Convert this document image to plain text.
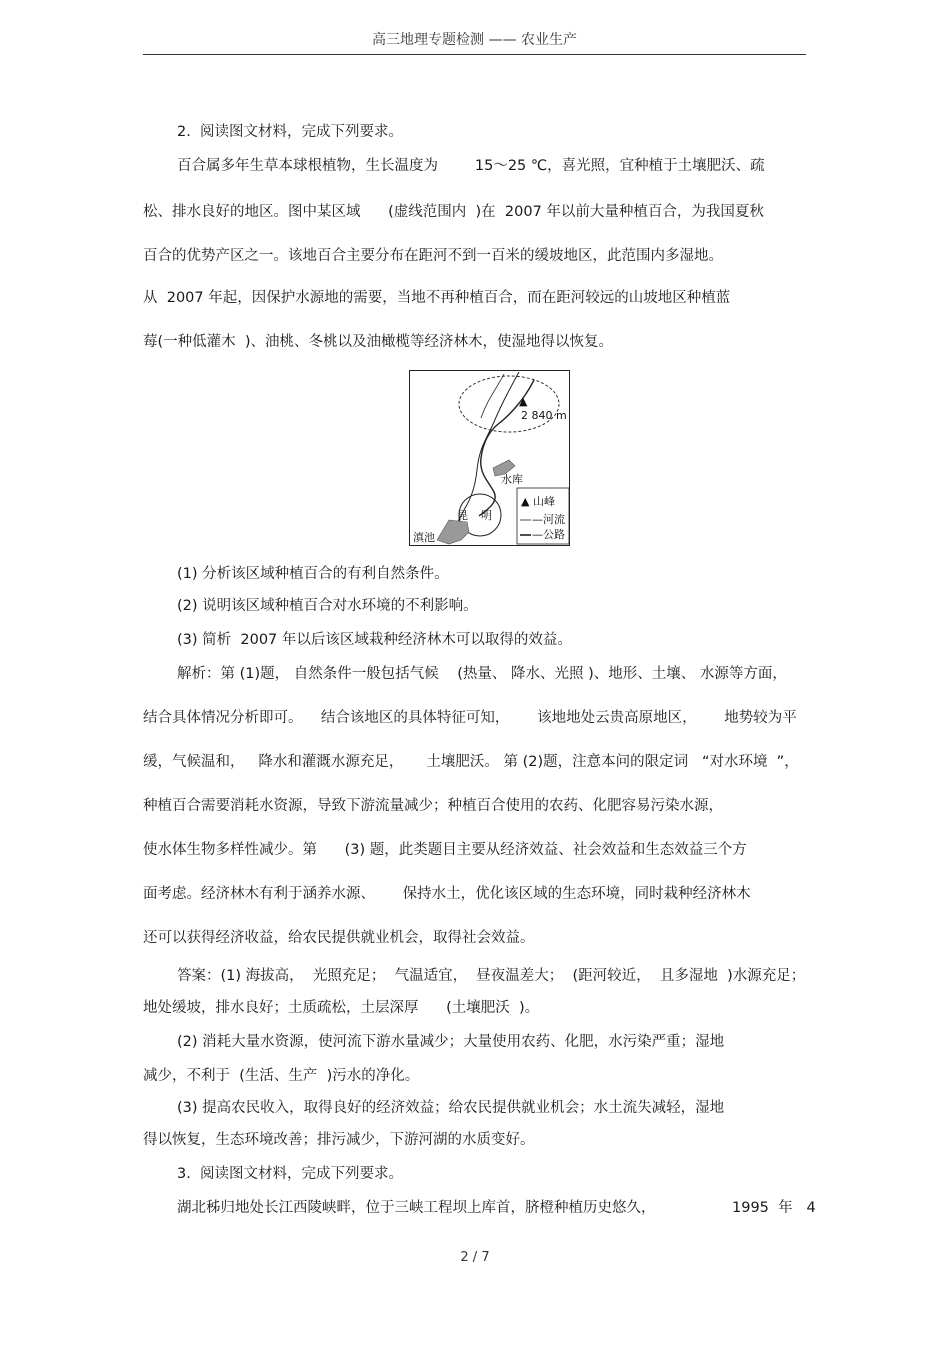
高三地理专题检测 —— 农业生产
2.  阅读图文材料，完成下列要求。
百合属多年生草本球根植物，生长温度为        15～25 ℃，喜光照，宜种植于土壤肥沃、疏
松、排水良好的地区。图中某区域      (虚线范围内  )在  2007 年以前大量种植百合，为我国夏秋
百合的优势产区之一。该地百合主要分布在距河不到一百米的缓坡地区，此范围内多湿地。
从  2007 年起，因保护水源地的需要，当地不再种植百合，而在距河较远的山坡地区种植蓝
莓(一种低灌木  )、油桃、冬桃以及油橄榄等经济林木，使湿地得以恢复。
▲
2 840 m
水库
昆 明
滇池
▲ 山峰
—河流
—公路
(1) 分析该区域种植百合的有利自然条件。
(2) 说明该区域种植百合对水环境的不利影响。
(3) 简析  2007 年以后该区域栽种经济林木可以取得的效益。
解析：第 (1)题， 自然条件一般包括气候    (热量、 降水、光照 )、地形、土壤、 水源等方面，
结合具体情况分析即可。    结合该地区的具体特征可知，      该地地处云贵高原地区，      地势较为平
缓，气候温和，   降水和灌溉水源充足，     土壤肥沃。 第 (2)题，注意本问的限定词   “对水环境  ”，
种植百合需要消耗水资源，导致下游流量减少；种植百合使用的农药、化肥容易污染水源，
使水体生物多样性减少。第      (3) 题，此类题目主要从经济效益、社会效益和生态效益三个方
面考虑。经济林木有利于涵养水源、      保持水土，优化该区域的生态环境，同时栽种经济林木
还可以获得经济收益，给农民提供就业机会，取得社会效益。
答案：(1) 海拔高，  光照充足；  气温适宜，  昼夜温差大；  (距河较近，  且多湿地  )水源充足；
地处缓坡，排水良好；土质疏松，土层深厚      (土壤肥沃  )。
(2) 消耗大量水资源，使河流下游水量减少；大量使用农药、化肥，水污染严重；湿地
减少，不利于  (生活、生产  )污水的净化。
(3) 提高农民收入，取得良好的经济效益；给农民提供就业机会；水土流失减轻，湿地
得以恢复，生态环境改善；排污减少，下游河湖的水质变好。
3.  阅读图文材料，完成下列要求。
湖北秭归地处长江西陵峡畔，位于三峡工程坝上库首，脐橙种植历史悠久，	1995  年   4
2 / 7
